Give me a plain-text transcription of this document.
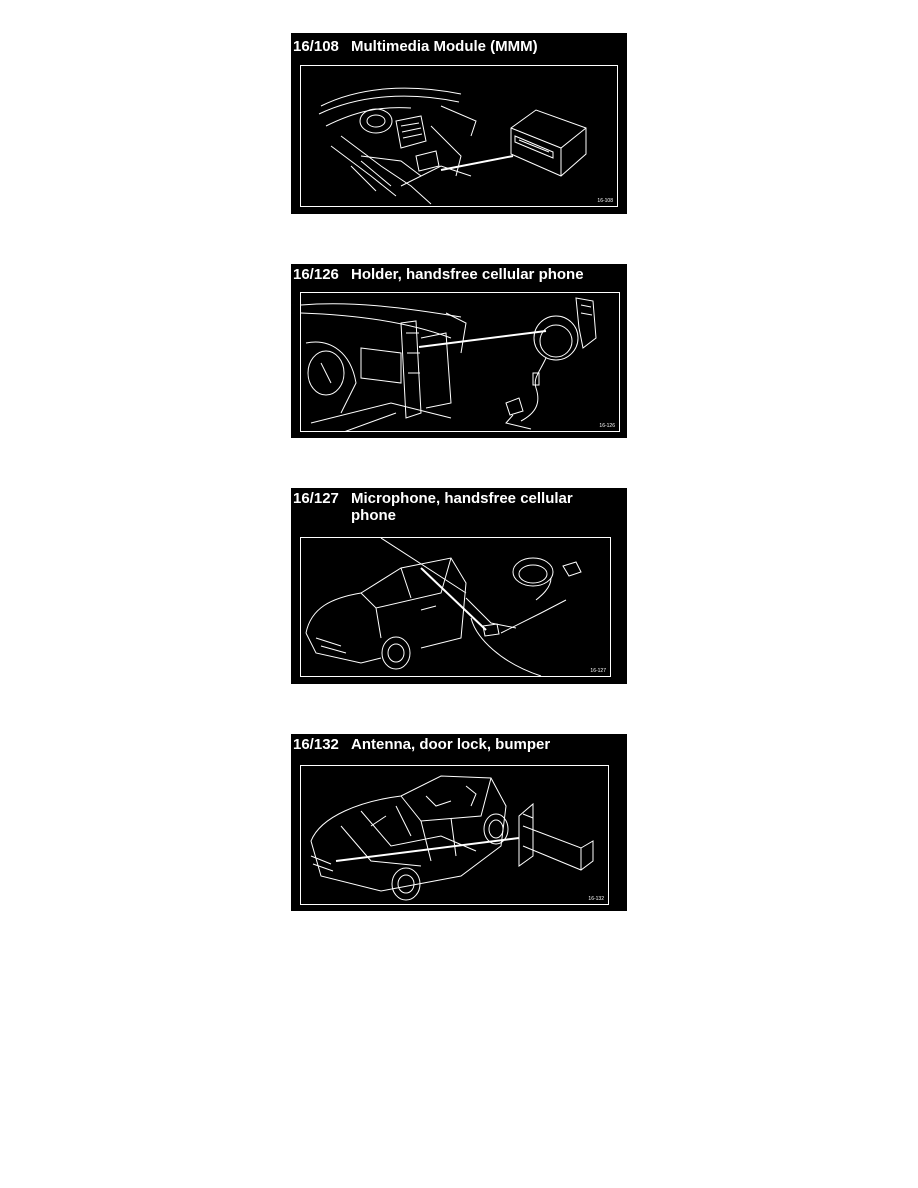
16/108 Multimedia Module (MMM)
16-108
16/126 Holder, handsfree cellular phone
16-126
16/127 Microphone, handsfree cellular phone
16-127
16/132 Antenna, door lock, bumper
16-132
